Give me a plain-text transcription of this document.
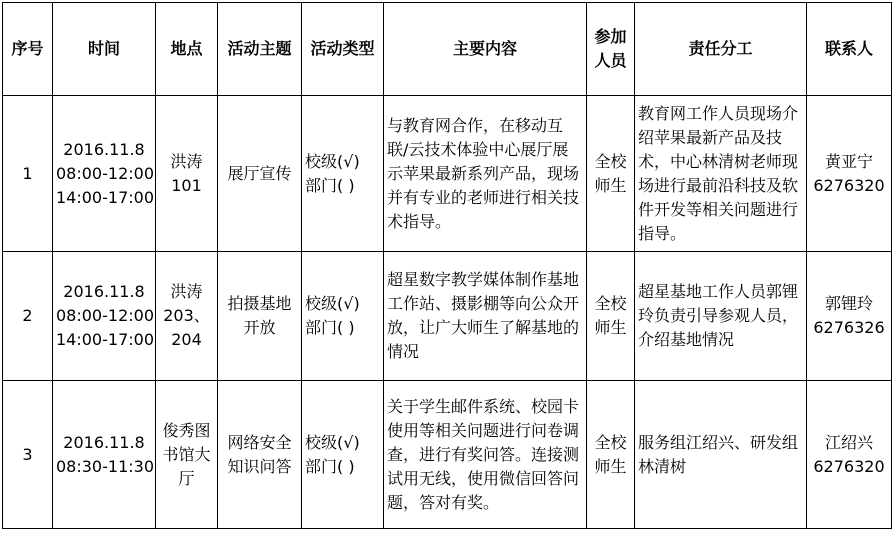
序号	时间	地点	活动主题	活动类型	主要内容	参加人员	责任分工	联系人
1	2016.11.8
08:00-12:00
14:00-17:00	洪涛101	展厅宣传	校级(√)
部门( )	与教育网合作，在移动互联/云技术体验中心展厅展示苹果最新系列产品，现场并有专业的老师进行相关技术指导。	全校师生	教育网工作人员现场介绍苹果最新产品及技术，中心林清树老师现场进行最前沿科技及软件开发等相关问题进行指导。	黄亚宁
6276320

2	2016.11.8
08:00-12:00
14:00-17:00	洪涛203、204	拍摄基地开放	校级(√)
部门( )	超星数字教学媒体制作基地工作站、摄影棚等向公众开放，让广大师生了解基地的情况	全校师生	超星基地工作人员郭锂玲负责引导参观人员，介绍基地情况	郭锂玲
6276326

3	2016.11.8
08:30-11:30	俊秀图书馆大厅	网络安全知识问答	校级(√)
部门( )	关于学生邮件系统、校园卡使用等相关问题进行问卷调查，进行有奖问答。连接测试用无线，使用微信回答问题，答对有奖。	全校师生	服务组江绍兴、研发组林清树	江绍兴
6276320
